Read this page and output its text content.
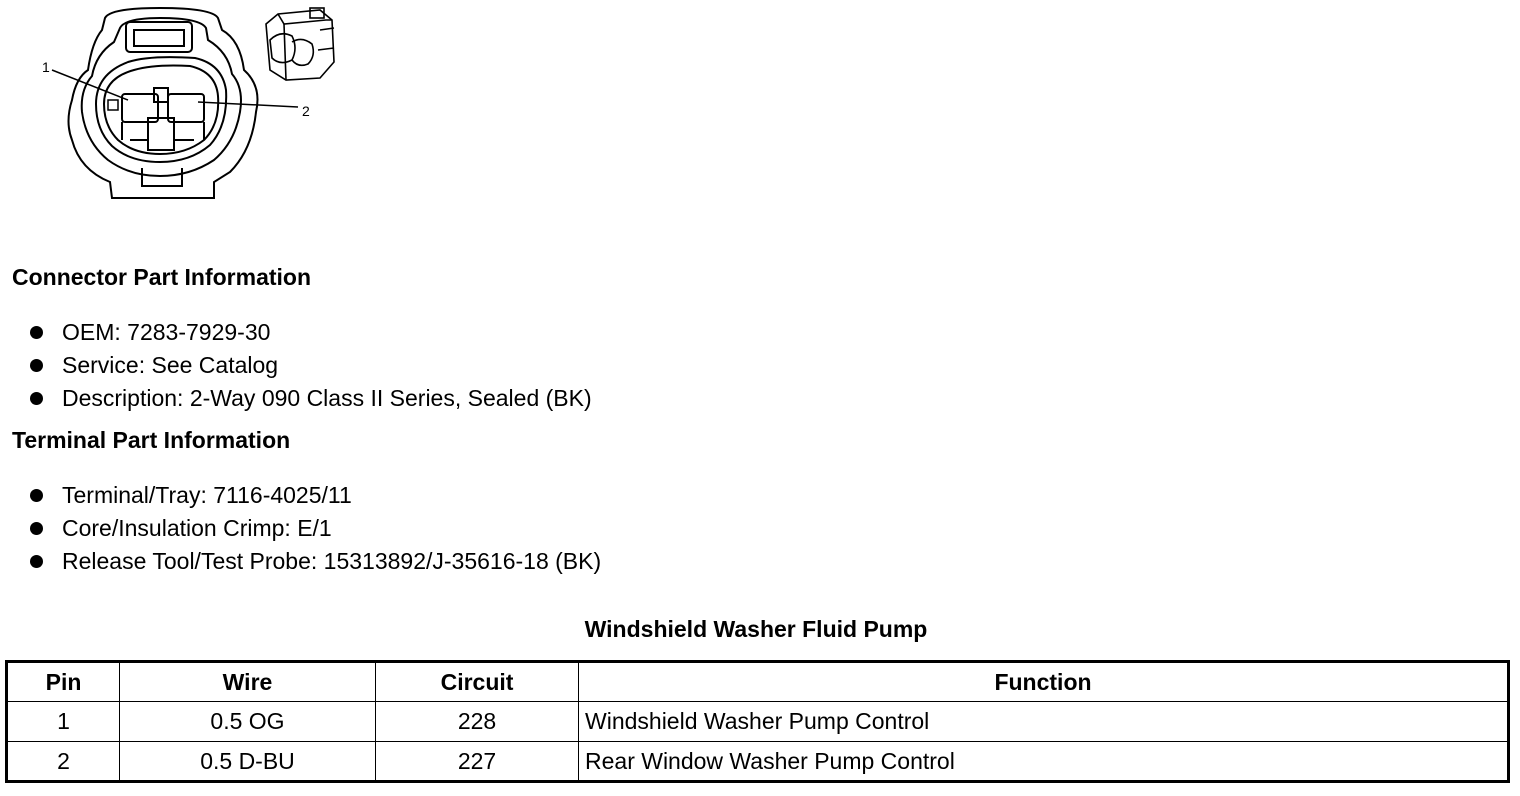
1
2
Connector Part Information
OEM: 7283-7929-30
Service: See Catalog
Description: 2-Way 090 Class II Series, Sealed (BK)
Terminal Part Information
Terminal/Tray: 7116-4025/11
Core/Insulation Crimp: E/1
Release Tool/Test Probe: 15313892/J-35616-18 (BK)
Windshield Washer Fluid Pump
Pin	Wire	Circuit	Function
1	0.5 OG	228	Windshield Washer Pump Control
2	0.5 D-BU	227	Rear Window Washer Pump Control
